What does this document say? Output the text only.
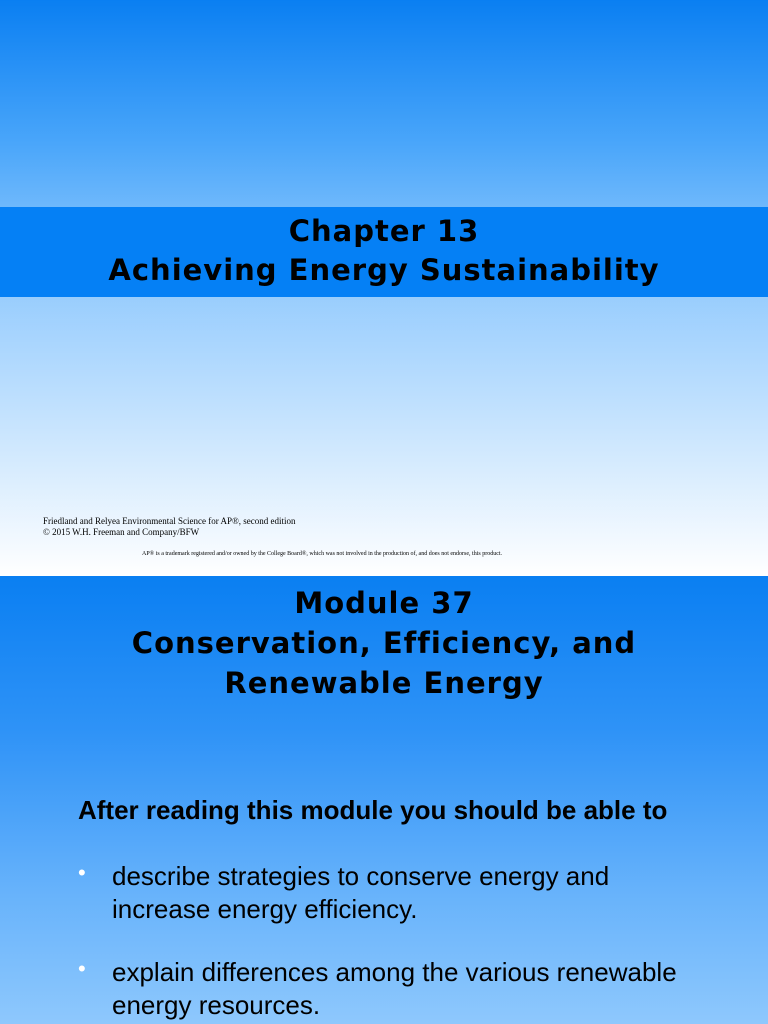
Chapter 13
Achieving Energy Sustainability
Friedland and Relyea Environmental Science for AP®, second edition
© 2015 W.H. Freeman and Company/BFW
AP® is a trademark registered and/or owned by the College Board®, which was not involved in the production of, and does not endorse, this product.
Module 37
Conservation, Efficiency, and
Renewable Energy
After reading this module you should be able to
• describe strategies to conserve energy and increase energy efficiency.
• explain differences among the various renewable energy resources.
